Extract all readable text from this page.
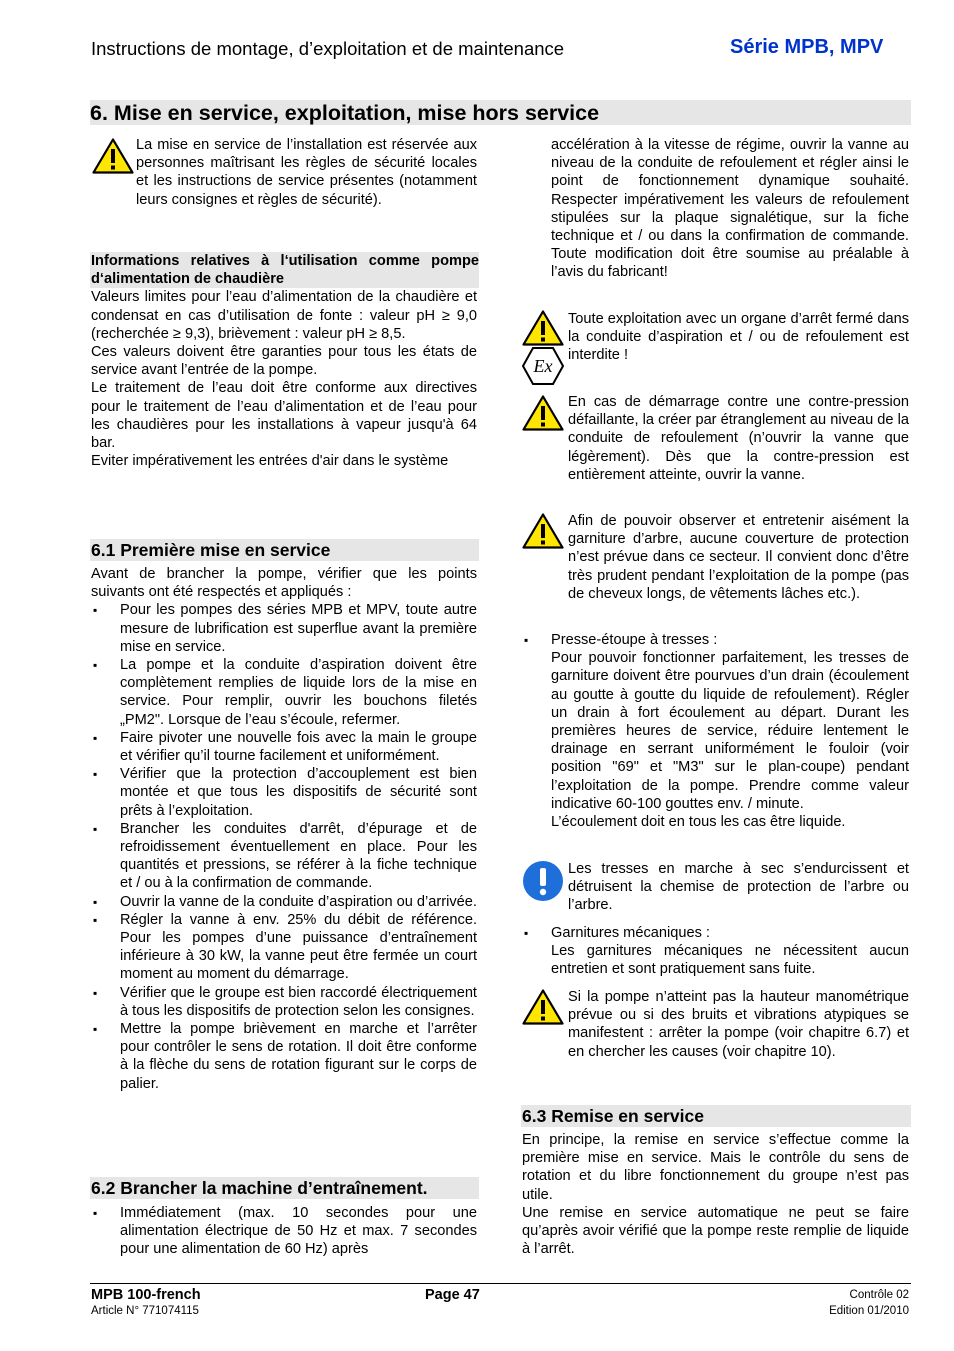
Instructions de montage, d’exploitation et de maintenance	Série MPB, MPV
6. Mise en service, exploitation, mise hors service
La mise en service de l’installation est réservée aux personnes maîtrisant les règles de sécurité locales et les instructions de service présentes (notamment leurs consignes et règles de sécurité).
Informations relatives à l‘utilisation comme pompe d‘alimentation de chaudière

Valeurs limites pour l’eau d’alimentation de la chaudière et condensat en cas d’utilisation de fonte : valeur pH ≥ 9,0 (recherchée ≥ 9,3), brièvement : valeur pH ≥ 8,5.

Ces valeurs doivent être garanties pour tous les états de service avant l’entrée de la pompe.

Le traitement de l’eau doit être conforme aux directives pour le traitement de l’eau d’alimentation et de l’eau pour les chaudières pour les installations à vapeur jusqu'à 64 bar.

Eviter impérativement les entrées d'air dans le système

6.1 Première mise en service

Avant de brancher la pompe, vérifier que les points suivants ont été respectés et appliqués :

▪ Pour les pompes des séries MPB et MPV, toute autre mesure de lubrification est superflue avant la première mise en service.
▪ La pompe et la conduite d’aspiration doivent être complètement remplies de liquide lors de la mise en service. Pour remplir, ouvrir les bouchons filetés „PM2". Lorsque de l’eau s’écoule, refermer.
▪ Faire pivoter une nouvelle fois avec la main le groupe et vérifier qu’il tourne facilement et uniformément.
▪ Vérifier que la protection d’accouplement est bien montée et que tous les dispositifs de sécurité sont prêts à l’exploitation.
▪ Brancher les conduites d'arrêt, d’épurage et de refroidissement éventuellement en place. Pour les quantités et pressions, se référer à la fiche technique et / ou à la confirmation de commande.
▪ Ouvrir la vanne de la conduite d’aspiration ou d’arrivée.
▪ Régler la vanne à env. 25% du débit de référence. Pour les pompes d’une puissance d’entraînement inférieure à 30 kW, la vanne peut être fermée un court moment au moment du démarrage.
▪ Vérifier que le groupe est bien raccordé électriquement à tous les dispositifs de protection selon les consignes.
▪ Mettre la pompe brièvement en marche et l’arrêter pour contrôler le sens de rotation. Il doit être conforme à la flèche du sens de rotation figurant sur le corps de palier.
6.2 Brancher la machine d’entraînement.
▪ Immédiatement (max. 10 secondes pour une alimentation électrique de 50 Hz et max. 7 secondes pour une alimentation de 60 Hz) après
accélération à la vitesse de régime, ouvrir la vanne au niveau de la conduite de refoulement et régler ainsi le point de fonctionnement dynamique souhaité. Respecter impérativement les valeurs de refoulement stipulées sur la plaque signalétique, sur la fiche technique et / ou dans la confirmation de commande. Toute modification doit être soumise au préalable à l’avis du fabricant!
Ex
Toute exploitation avec un organe d’arrêt fermé dans la conduite d’aspiration et / ou de refoulement est interdite !
En cas de démarrage contre une contre-pression défaillante, la créer par étranglement au niveau de la conduite de refoulement (n’ouvrir la vanne que légèrement). Dès que la contre-pression est entièrement atteinte, ouvrir la vanne.
Afin de pouvoir observer et entretenir aisément la garniture d’arbre, aucune couverture de protection n’est prévue dans ce secteur. Il convient donc d’être très prudent pendant l’exploitation de la pompe (pas de cheveux longs, de vêtements lâches etc.).
▪ Presse-étoupe à tresses :

Pour pouvoir fonctionner parfaitement, les tresses de garniture doivent être pourvues d’un drain (écoulement au goutte à goutte du liquide de refoulement). Régler un drain à fort écoulement au départ. Durant les premières heures de service, réduire lentement le drainage en serrant uniformément le fouloir (voir position "69" et "M3" sur le plan-coupe) pendant l’exploitation de la pompe. Prendre comme valeur indicative 60-100 gouttes env. / minute.

L’écoulement doit en tous les cas être liquide.

Les tresses en marche à sec s’endurcissent et détruisent la chemise de protection de l’arbre ou l’arbre.
▪ Garnitures mécaniques :

Les garnitures mécaniques ne nécessitent aucun entretien et sont pratiquement sans fuite.

Si la pompe n’atteint pas la hauteur manométrique prévue ou si des bruits et vibrations atypiques se manifestent : arrêter la pompe (voir chapitre 6.7) et en chercher les causes (voir chapitre 10).
6.3 Remise en service

En principe, la remise en service s’effectue comme la première mise en service. Mais le contrôle du sens de rotation et du libre fonctionnement du groupe n’est pas utile.

Une remise en service automatique ne peut se faire qu’après avoir vérifié que la pompe reste remplie de liquide à l’arrêt.

MPB 100-french
Article N° 771074115
Page 47	Contrôle 02
Edition 01/2010
